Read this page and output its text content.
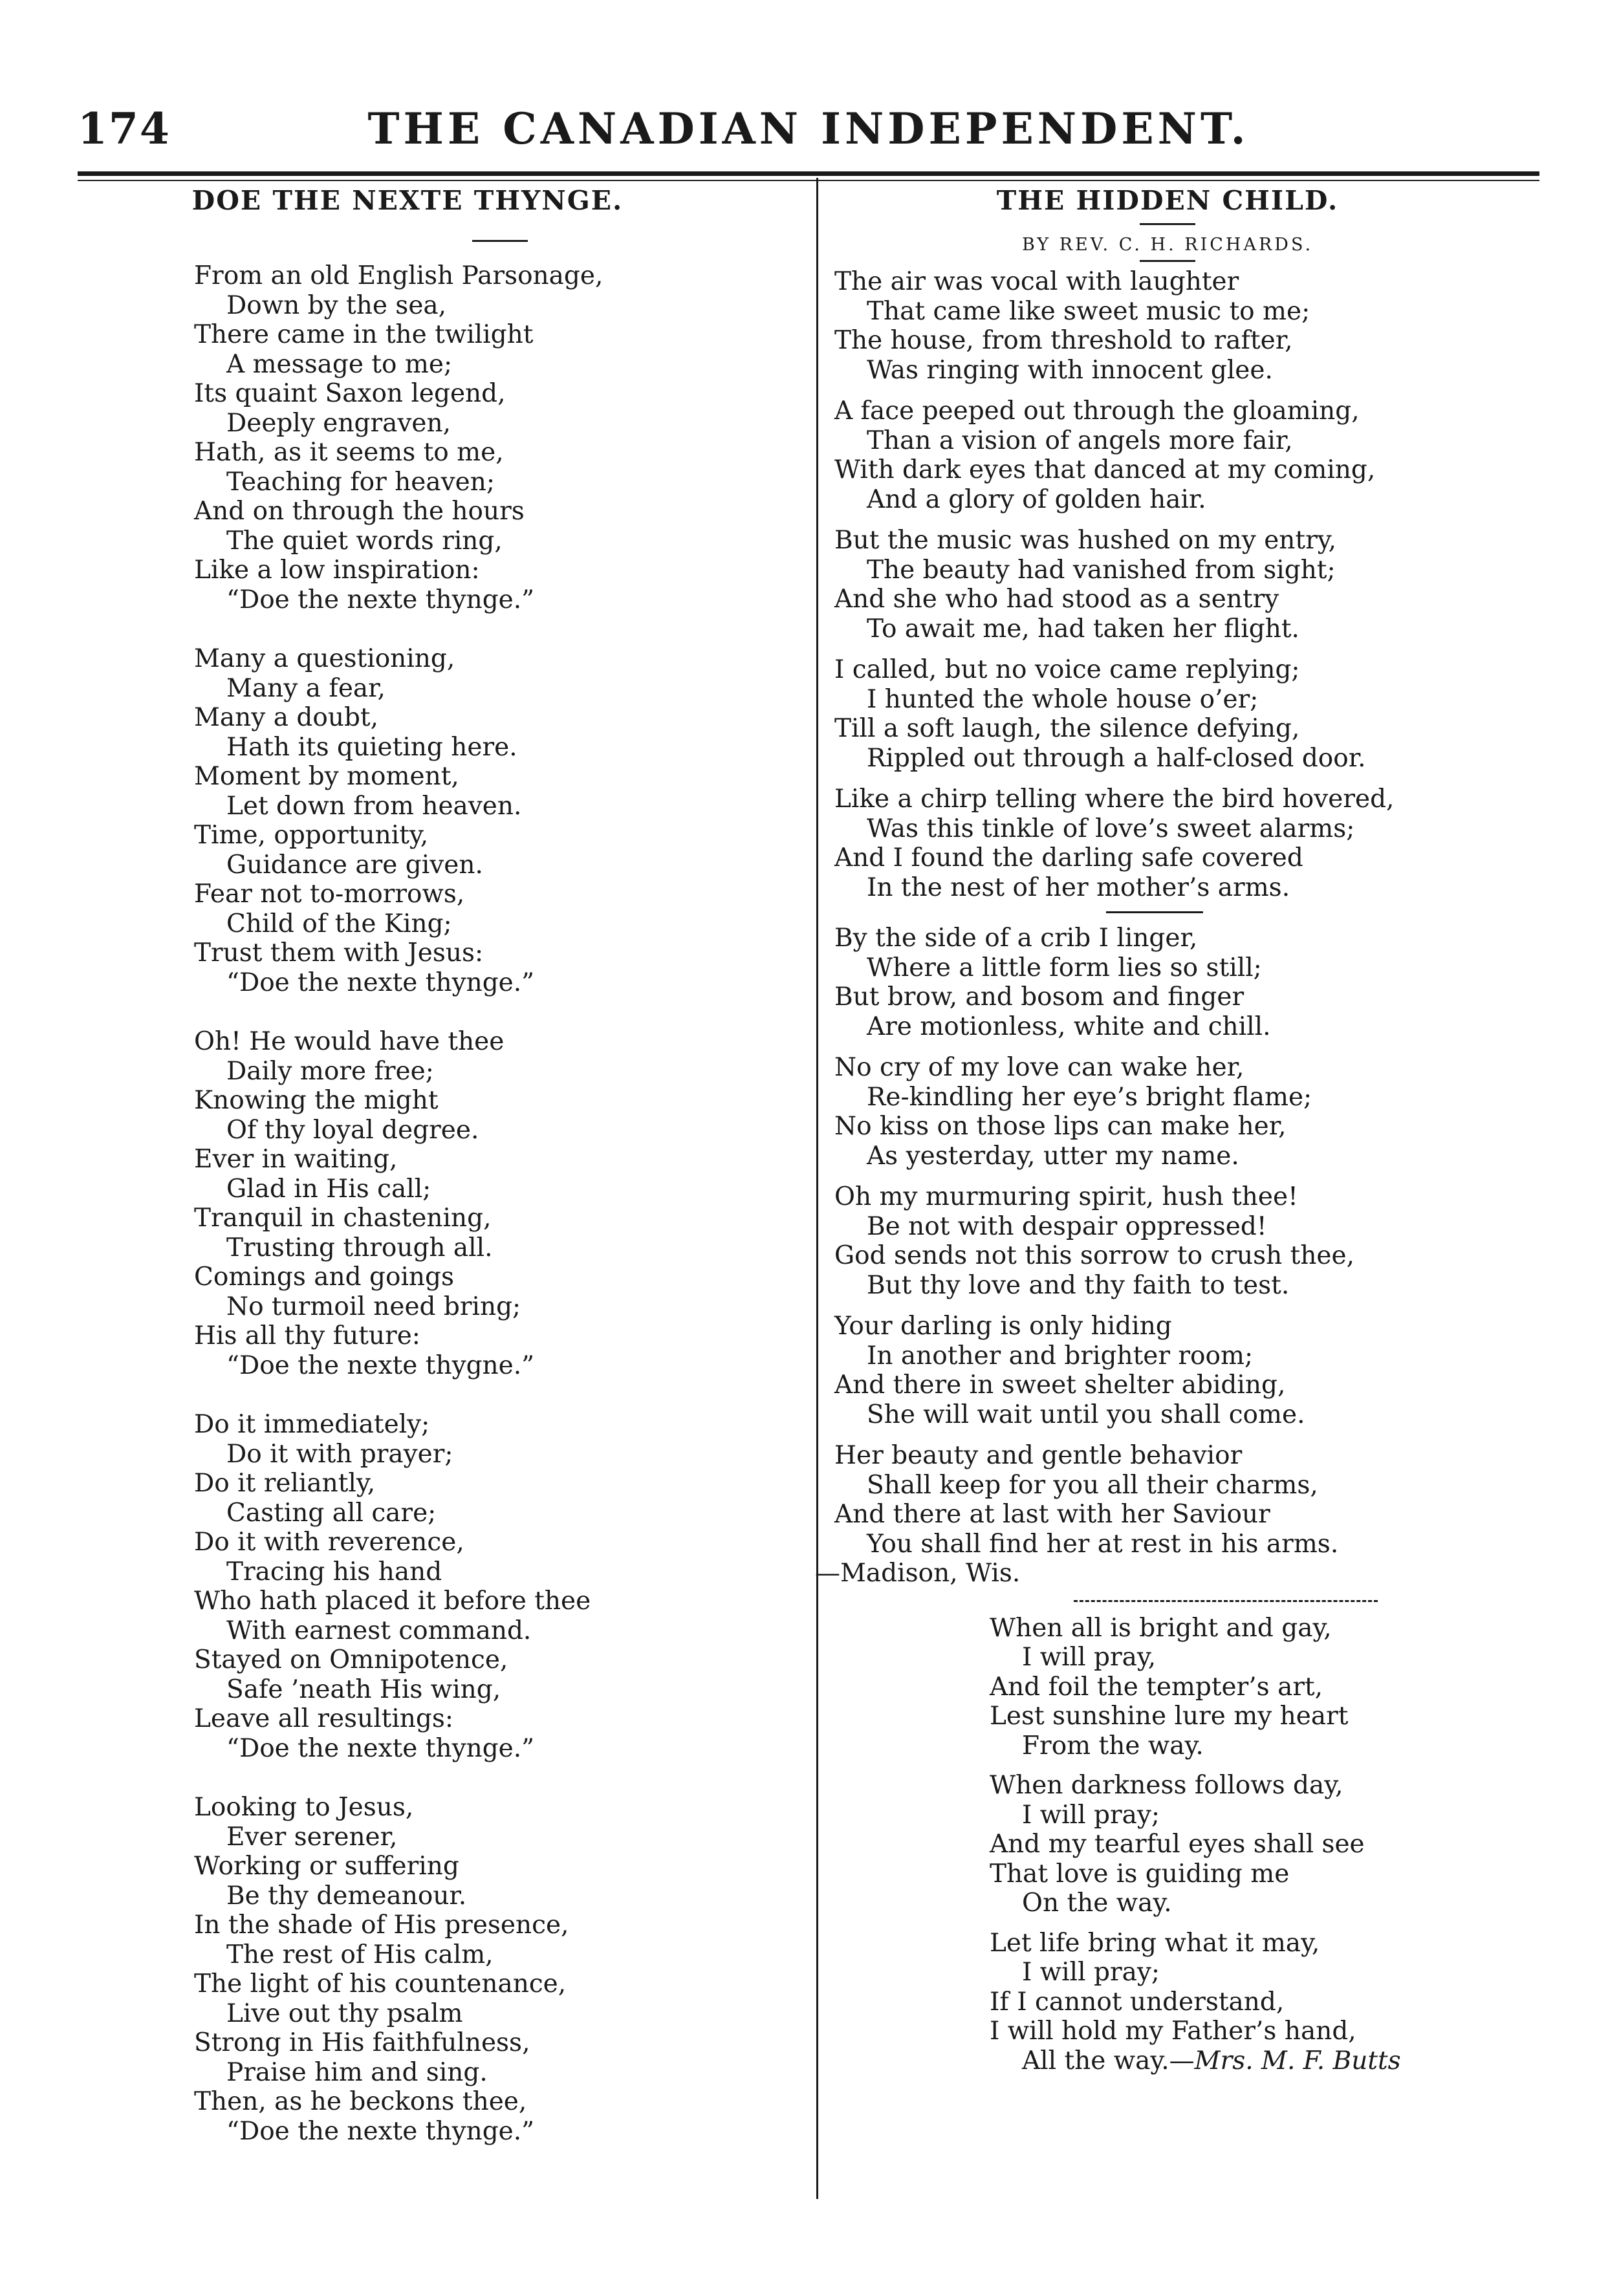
174	THE CANADIAN INDEPENDENT.
DOE THE NEXTE THYNGE.
From an old English Parsonage,
Down by the sea,
There came in the twilight
A message to me;
Its quaint Saxon legend,
Deeply engraven,
Hath, as it seems to me,
Teaching for heaven;
And on through the hours
The quiet words ring,
Like a low inspiration:
“Doe the nexte thynge.”
Many a questioning,
Many a fear,
Many a doubt,
Hath its quieting here.
Moment by moment,
Let down from heaven.
Time, opportunity,
Guidance are given.
Fear not to-morrows,
Child of the King;
Trust them with Jesus:
“Doe the nexte thynge.”
Oh! He would have thee
Daily more free;
Knowing the might
Of thy loyal degree.
Ever in waiting,
Glad in His call;
Tranquil in chastening,
Trusting through all.
Comings and goings
No turmoil need bring;
His all thy future:
“Doe the nexte thygne.”
Do it immediately;
Do it with prayer;
Do it reliantly,
Casting all care;
Do it with reverence,
Tracing his hand
Who hath placed it before thee
With earnest command.
Stayed on Omnipotence,
Safe ’neath His wing,
Leave all resultings:
“Doe the nexte thynge.”
Looking to Jesus,
Ever serener,
Working or suffering
Be thy demeanour.
In the shade of His presence,
The rest of His calm,
The light of his countenance,
Live out thy psalm
Strong in His faithfulness,
Praise him and sing.
Then, as he beckons thee,
“Doe the nexte thynge.”
THE HIDDEN CHILD.

BY REV. C. H. RICHARDS.

The air was vocal with laughter
That came like sweet music to me;
The house, from threshold to rafter,
Was ringing with innocent glee.
A face peeped out through the gloaming,
Than a vision of angels more fair,
With dark eyes that danced at my coming,
And a glory of golden hair.
But the music was hushed on my entry,
The beauty had vanished from sight;
And she who had stood as a sentry
To await me, had taken her flight.
I called, but no voice came replying;
I hunted the whole house o’er;
Till a soft laugh, the silence defying,
Rippled out through a half-closed door.
Like a chirp telling where the bird hovered,
Was this tinkle of love’s sweet alarms;
And I found the darling safe covered
In the nest of her mother’s arms.
By the side of a crib I linger,
Where a little form lies so still;
But brow, and bosom and finger
Are motionless, white and chill.
No cry of my love can wake her,
Re-kindling her eye’s bright flame;
No kiss on those lips can make her,
As yesterday, utter my name.
Oh my murmuring spirit, hush thee!
Be not with despair oppressed!
God sends not this sorrow to crush thee,
But thy love and thy faith to test.
Your darling is only hiding
In another and brighter room;
And there in sweet shelter abiding,
She will wait until you shall come.
Her beauty and gentle behavior
Shall keep for you all their charms,
And there at last with her Saviour
You shall find her at rest in his arms.
—Madison, Wis.
When all is bright and gay,
I will pray,
And foil the tempter’s art,
Lest sunshine lure my heart
From the way.
When darkness follows day,
I will pray;
And my tearful eyes shall see
That love is guiding me
On the way.
Let life bring what it may,
I will pray;
If I cannot understand,
I will hold my Father’s hand,
All the way.—Mrs. M. F. Butts
